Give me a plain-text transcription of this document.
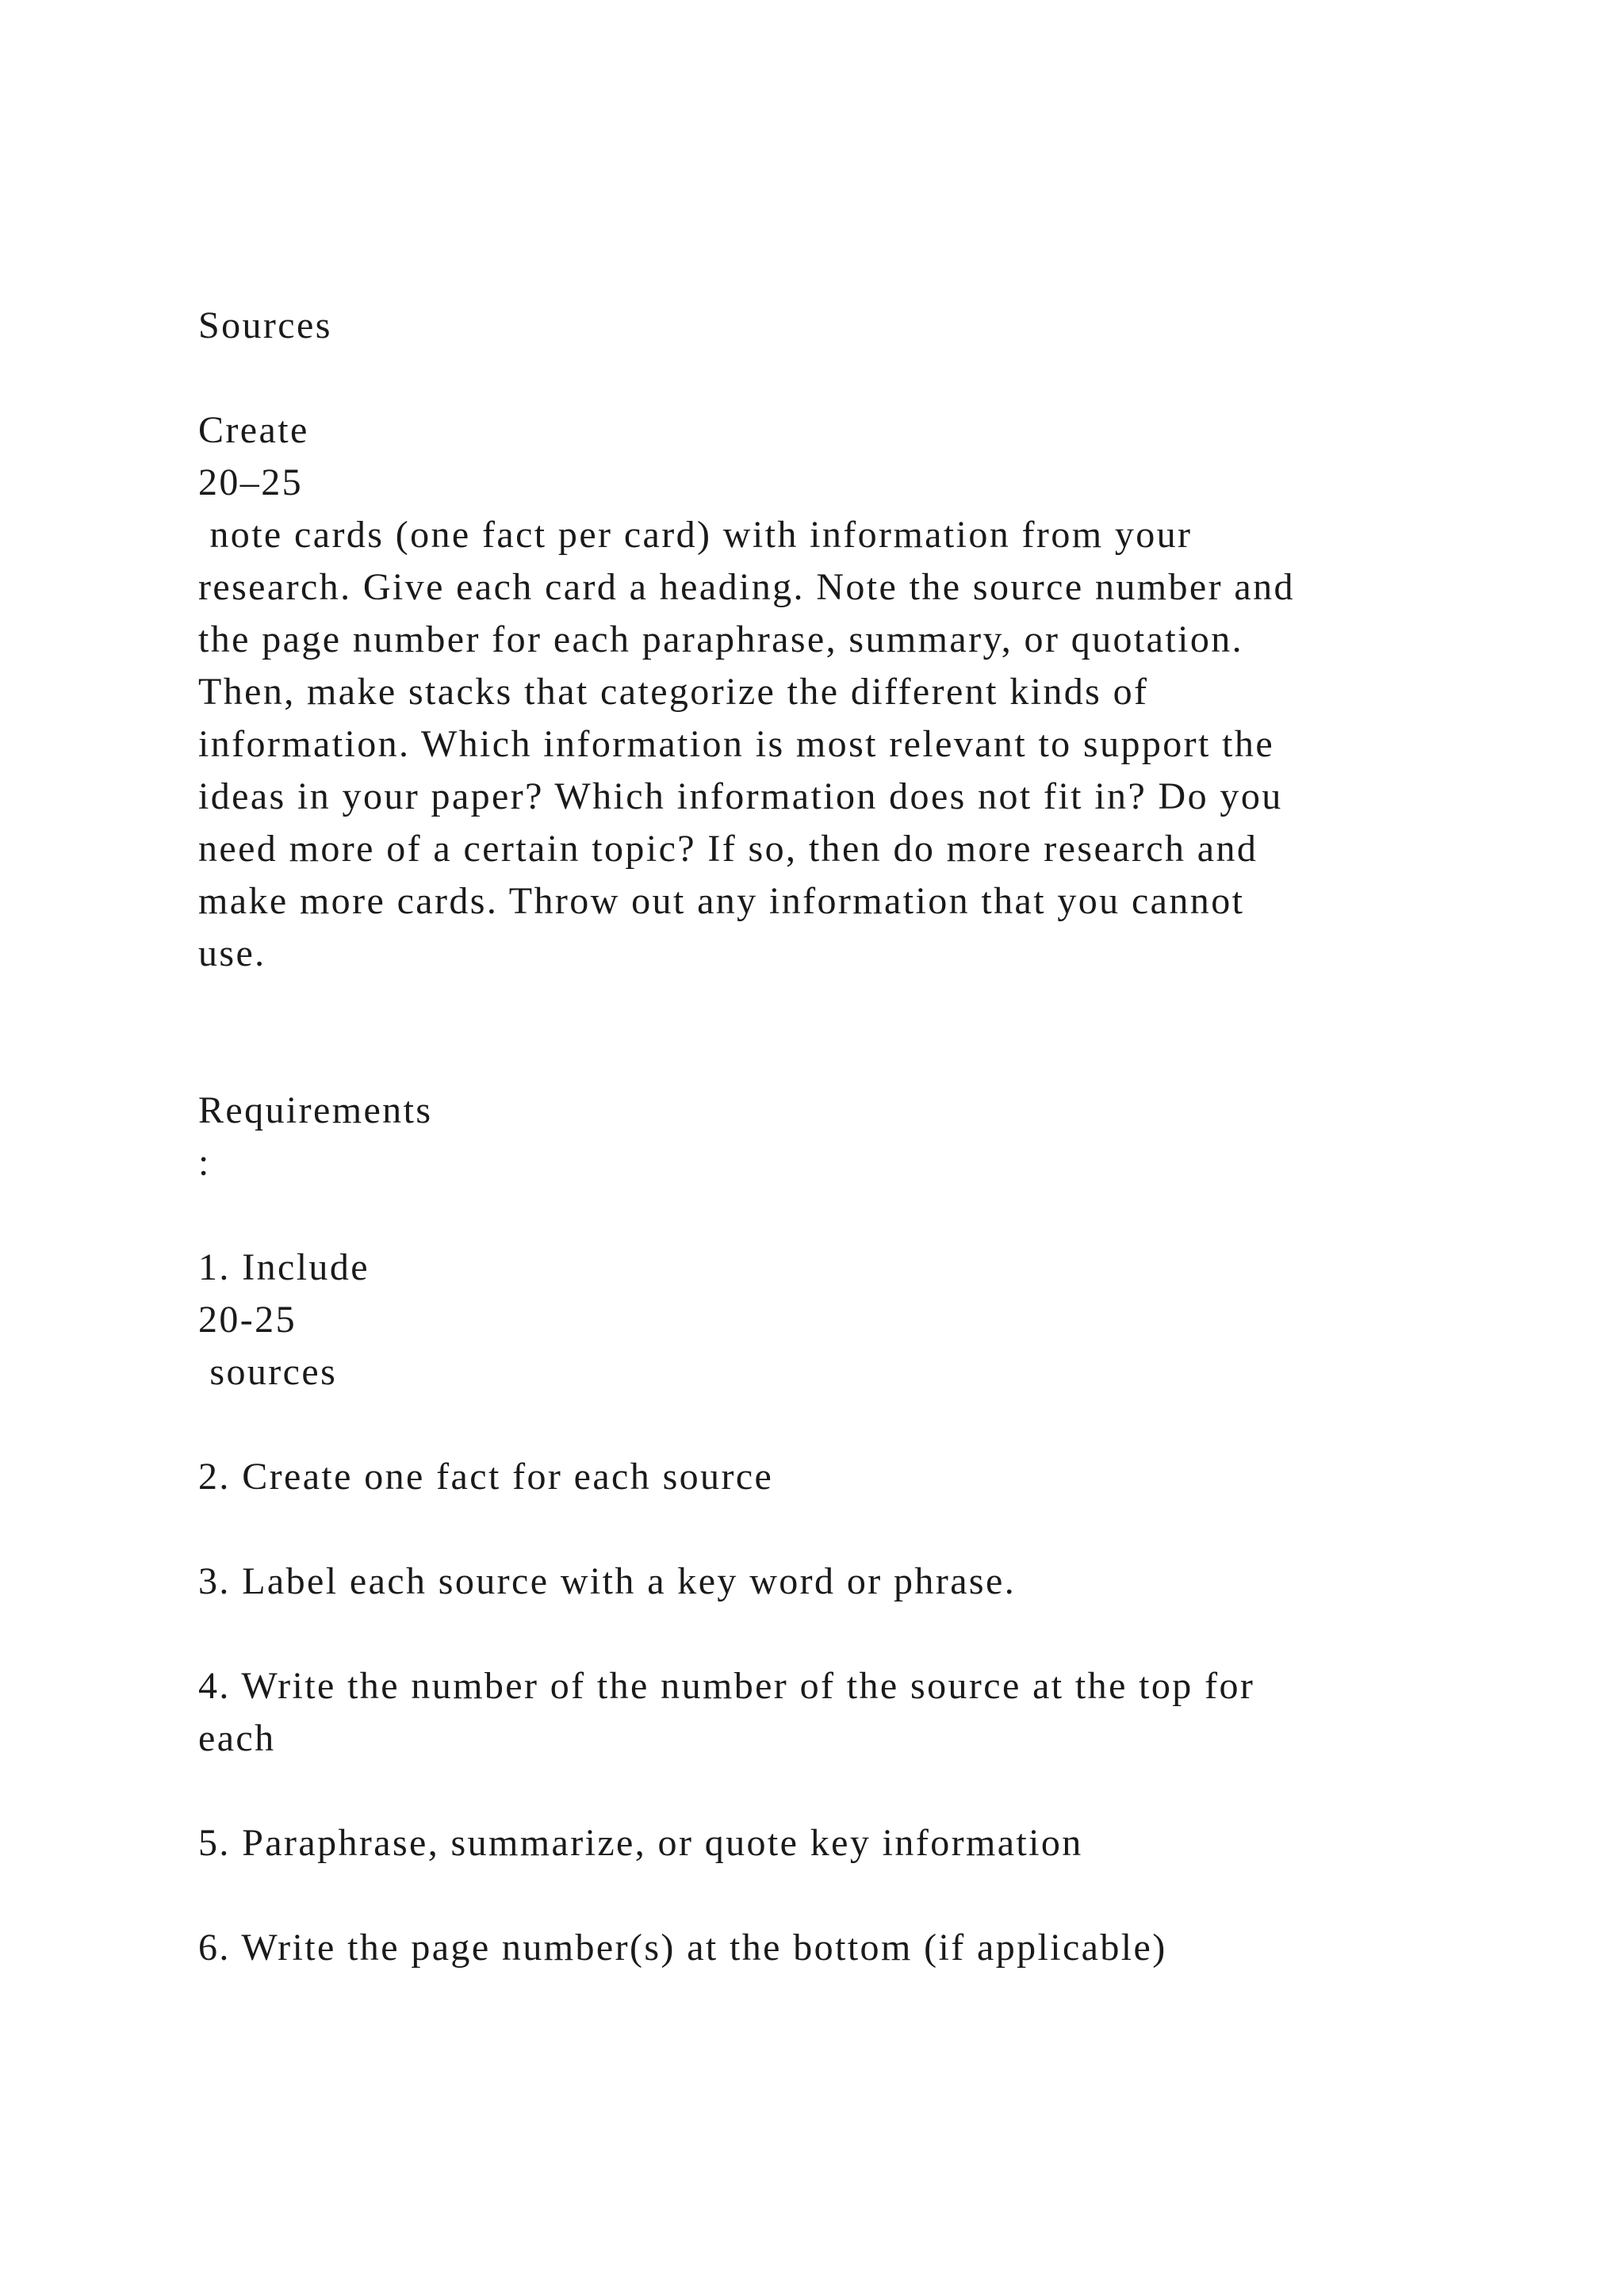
Sources
Create
20–25
note cards (one fact per card) with information from your
research. Give each card a heading. Note the source number and
the page number for each paraphrase, summary, or quotation.
Then, make stacks that categorize the different kinds of
information. Which information is most relevant to support the
ideas in your paper? Which information does not fit in? Do you
need more of a certain topic? If so, then do more research and
make more cards. Throw out any information that you cannot
use.
Requirements
:
1. Include
20-25
sources
2. Create one fact for each source
3. Label each source with a key word or phrase.
4. Write the number of the number of the source at the top for
each
5. Paraphrase, summarize, or quote key information
6. Write the page number(s) at the bottom (if applicable)
